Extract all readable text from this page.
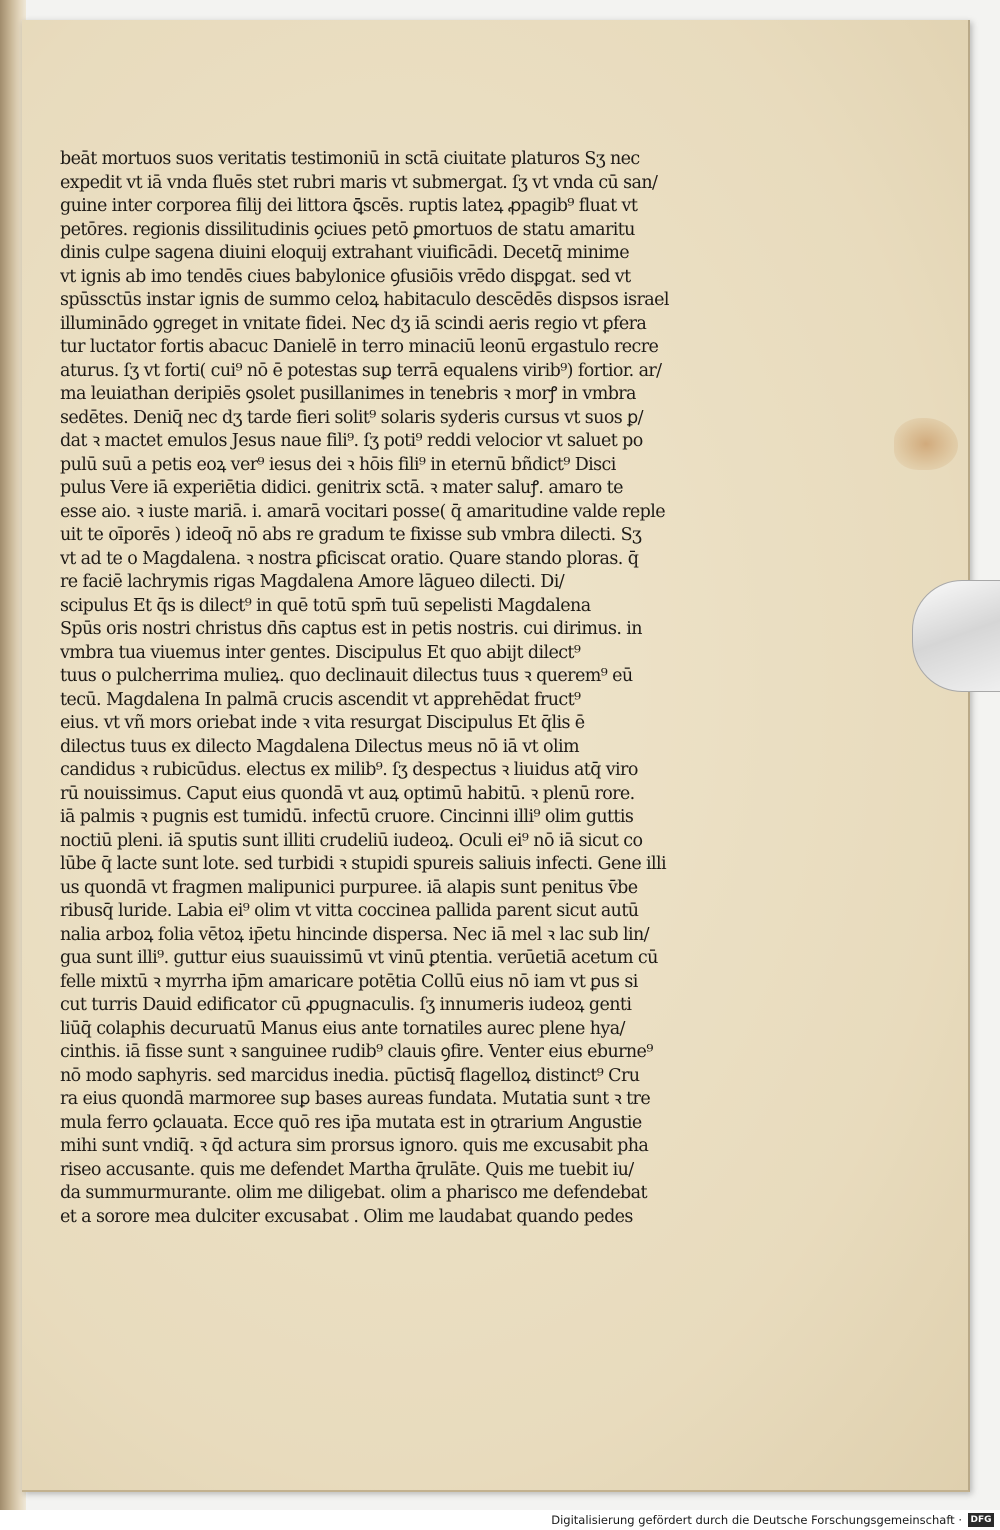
beāt mortuos suos veritatis testimoniū in sctā ciuitate platuros Sʒ nec
expedit vt iā vnda fluēs stet rubri maris vt submergat. ſʒ vt vnda cū san/
guine inter corporea filij dei littora ꝗ̄scēs. ruptis lateꝝ ꝓpagib⁹ fluat vt
petōres. regionis dissilitudinis ꝯciues petō ꝑmortuos de statu amaritu
dinis culpe sagena diuini eloquij extrahant viuificādi. Decetq̄ minime
vt ignis ab imo tendēs ciues babylonice ꝯfusiōis vrēdo disꝑgat. sed vt
spūssctūs instar ignis de summo celoꝝ habitaculo descēdēs dispsos israel
illuminādo ꝯgreget in vnitate fidei. Nec dʒ iā scindi aeris regio vt ꝑfera
tur luctator fortis abacuc Danielē in terro minaciū leonū ergastulo recre
aturus. ſʒ vt forti( cui⁹ nō ē potestas suꝑ terrā equalens virib⁹) fortior. ar/
ma leuiathan deripiēs ꝯsolet pusillanimes in tenebris ꝛ morꝭ in vmbra
sedētes. Deniq̄ nec dʒ tarde fieri solit⁹ solaris syderis cursus vt suos ꝑ/
dat ꝛ mactet emulos Jesus naue fili⁹. ſʒ poti⁹ reddi velocior vt saluet po
pulū suū a petis eoꝝ ver⁹ iesus dei ꝛ hōis fili⁹ in eternū bñdict⁹ Disci
pulus Vere iā experiētia didici. genitrix sctā. ꝛ mater saluꝭ. amaro te
esse aio. ꝛ iuste mariā. i. amarā vocitari posse( q̄ amaritudine valde reple
uit te oīporēs ) ideoq̄ nō abs re gradum te fixisse sub vmbra dilecti. Sʒ
vt ad te o Magdalena. ꝛ nostra ꝑficiscat oratio. Quare stando ploras. q̄
re faciē lachrymis rigas Magdalena Amore lāgueo dilecti. Di/
scipulus Et q̄s is dilect⁹ in quē totū spm̄ tuū sepelisti Magdalena
Spūs oris nostri christus dn̄s captus est in petis nostris. cui dirimus. in
vmbra tua viuemus inter gentes. Discipulus Et quo abijt dilect⁹
tuus o pulcherrima mulieꝝ. quo declinauit dilectus tuus ꝛ querem⁹ eū
tecū. Magdalena In palmā crucis ascendit vt apprehēdat fruct⁹
eius. vt vñ mors oriebat inde ꝛ vita resurgat Discipulus Et q̄lis ē
dilectus tuus ex dilecto Magdalena Dilectus meus nō iā vt olim
candidus ꝛ rubicūdus. electus ex milib⁹. ſʒ despectus ꝛ liuidus atq̄ viro
rū nouissimus. Caput eius quondā vt auꝝ optimū habitū. ꝛ plenū rore.
iā palmis ꝛ pugnis est tumidū. infectū cruore. Cincinni illi⁹ olim guttis
noctiū pleni. iā sputis sunt illiti crudeliū iudeoꝝ. Oculi ei⁹ nō iā sicut co
lūbe q̄ lacte sunt lote. sed turbidi ꝛ stupidi spureis saliuis infecti. Gene illi
us quondā vt fragmen malipunici purpuree. iā alapis sunt penitus v̄be
ribusq̄ luride. Labia ei⁹ olim vt vitta coccinea pallida parent sicut autū
nalia arboꝝ folia vētoꝝ ip̄etu hincinde dispersa. Nec iā mel ꝛ lac sub lin/
gua sunt illi⁹. guttur eius suauissimū vt vinū ꝑtentia. verūetiā acetum cū
felle mixtū ꝛ myrrha ip̄m amaricare potētia Collū eius nō iam vt ꝑus si
cut turris Dauid edificator cū ꝓpugnaculis. ſʒ innumeris iudeoꝝ genti
liūq̄ colaphis decuruatū Manus eius ante tornatiles aurec plene hya/
cinthis. iā fisse sunt ꝛ sanguinee rudib⁹ clauis ꝯfire. Venter eius eburne⁹
nō modo saphyris. sed marcidus inedia. pūctisq̄ flagelloꝝ distinct⁹ Cru
ra eius quondā marmoree suꝑ bases aureas fundata. Mutatia sunt ꝛ tre
mula ferro ꝯclauata. Ecce quō res ip̄a mutata est in ꝯtrarium Angustie
mihi sunt vndiq̄. ꝛ q̄d actura sim prorsus ignoro. quis me excusabit pha
riseo accusante. quis me defendet Martha q̄rulāte. Quis me tuebit iu/
da summurmurante. olim me diligebat. olim a pharisco me defendebat
et a sorore mea dulciter excusabat . Olim me laudabat quando pedes
Digitalisierung gefördert durch die Deutsche Forschungsgemeinschaft · DFG
